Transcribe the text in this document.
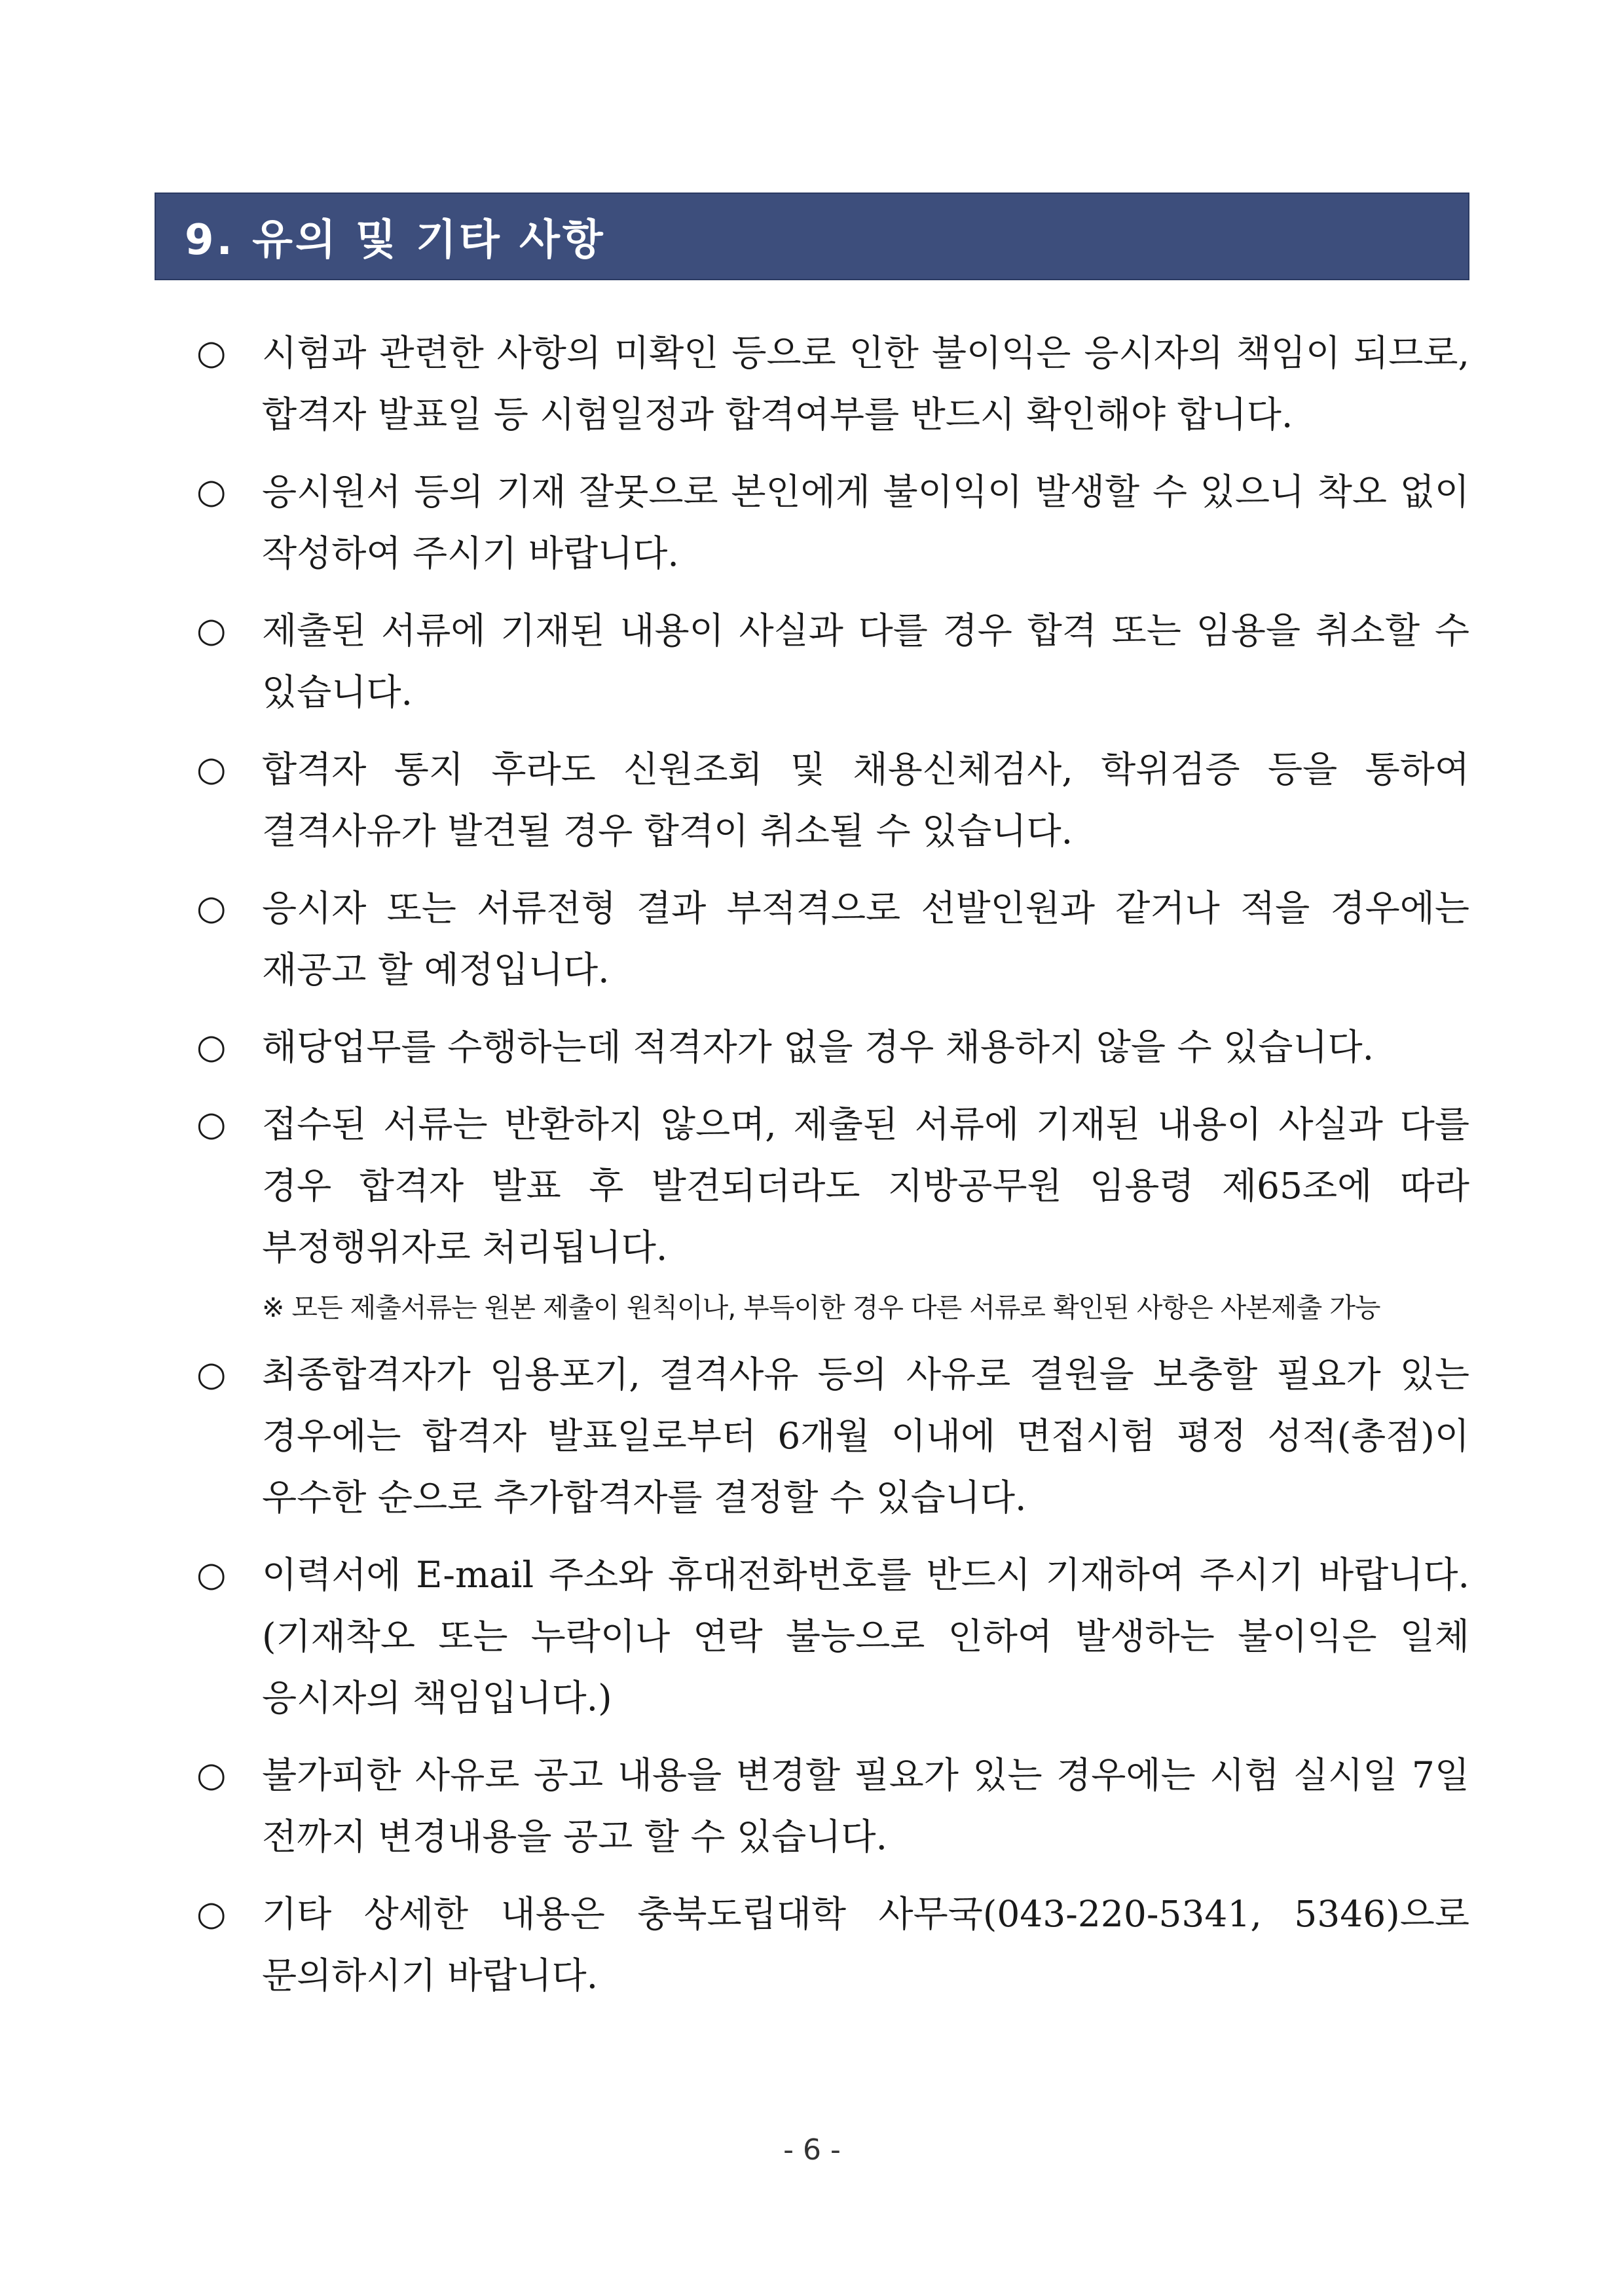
9. 유의 및 기타 사항
○ 시험과 관련한 사항의 미확인 등으로 인한 불이익은 응시자의 책임이 되므로, 합격자 발표일 등 시험일정과 합격여부를 반드시 확인해야 합니다.
○ 응시원서 등의 기재 잘못으로 본인에게 불이익이 발생할 수 있으니 착오 없이 작성하여 주시기 바랍니다.
○ 제출된 서류에 기재된 내용이 사실과 다를 경우 합격 또는 임용을 취소할 수 있습니다.
○ 합격자 통지 후라도 신원조회 및 채용신체검사, 학위검증 등을 통하여 결격사유가 발견될 경우 합격이 취소될 수 있습니다.
○ 응시자 또는 서류전형 결과 부적격으로 선발인원과 같거나 적을 경우에는 재공고 할 예정입니다.
○ 해당업무를 수행하는데 적격자가 없을 경우 채용하지 않을 수 있습니다.
○ 접수된 서류는 반환하지 않으며, 제출된 서류에 기재된 내용이 사실과 다를 경우 합격자 발표 후 발견되더라도 지방공무원 임용령 제65조에 따라 부정행위자로 처리됩니다.
※ 모든 제출서류는 원본 제출이 원칙이나, 부득이한 경우 다른 서류로 확인된 사항은 사본제출 가능
○ 최종합격자가 임용포기, 결격사유 등의 사유로 결원을 보충할 필요가 있는 경우에는 합격자 발표일로부터 6개월 이내에 면접시험 평정 성적(총점)이 우수한 순으로 추가합격자를 결정할 수 있습니다.
○ 이력서에 E-mail 주소와 휴대전화번호를 반드시 기재하여 주시기 바랍니다. (기재착오 또는 누락이나 연락 불능으로 인하여 발생하는 불이익은 일체 응시자의 책임입니다.)
○ 불가피한 사유로 공고 내용을 변경할 필요가 있는 경우에는 시험 실시일 7일 전까지 변경내용을 공고 할 수 있습니다.
○ 기타 상세한 내용은 충북도립대학 사무국(043-220-5341, 5346)으로 문의하시기 바랍니다.
- 6 -
